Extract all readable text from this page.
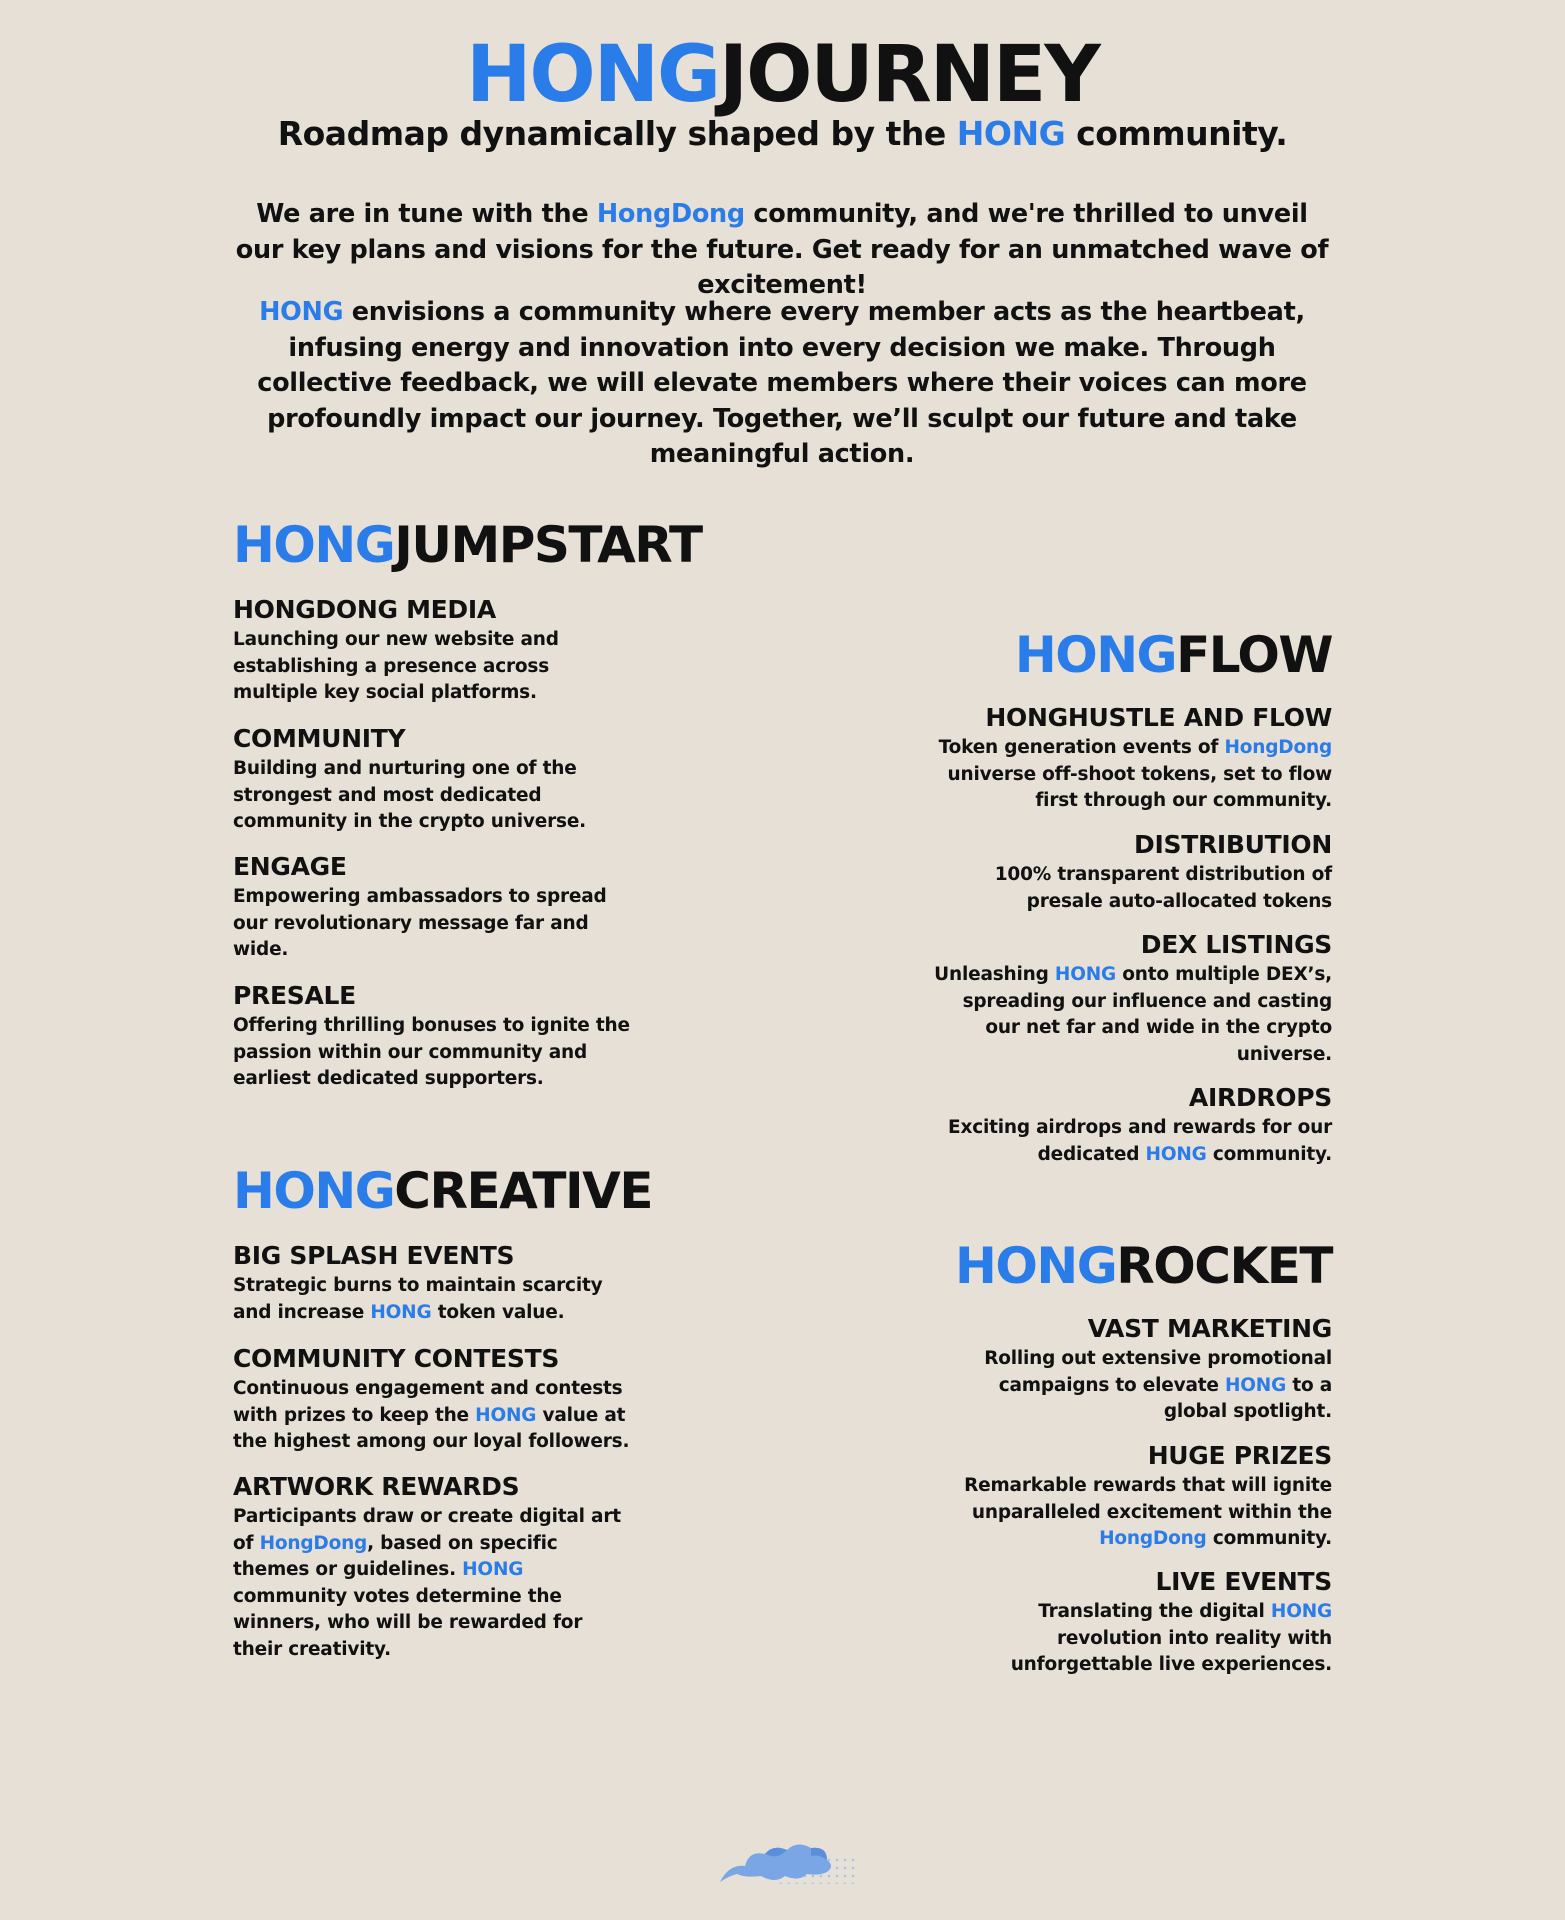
HONGJOURNEY
Roadmap dynamically shaped by the HONG community.

We are in tune with the HongDong community, and we're thrilled to unveil our key plans and visions for the future. Get ready for an unmatched wave of excitement!

HONG envisions a community where every member acts as the heartbeat, infusing energy and innovation into every decision we make. Through collective feedback, we will elevate members where their voices can more profoundly impact our journey. Together, we’ll sculpt our future and take meaningful action.

HONGJUMPSTART
HONGDONG MEDIA

Launching our new website and establishing a presence across multiple key social platforms.

COMMUNITY

Building and nurturing one of the strongest and most dedicated community in the crypto universe.

ENGAGE

Empowering ambassadors to spread our revolutionary message far and wide.

PRESALE

Offering thrilling bonuses to ignite the passion within our community and earliest dedicated supporters.

HONGCREATIVE
BIG SPLASH EVENTS

Strategic burns to maintain scarcity and increase HONG token value.

COMMUNITY CONTESTS

Continuous engagement and contests with prizes to keep the HONG value at the highest among our loyal followers.

ARTWORK REWARDS

Participants draw or create digital art of HongDong, based on specific themes or guidelines. HONG community votes determine the winners, who will be rewarded for their creativity.

HONGFLOW
HONGHUSTLE AND FLOW

Token generation events of HongDong universe off-shoot tokens, set to flow first through our community.

DISTRIBUTION

100% transparent distribution of presale auto-allocated tokens

DEX LISTINGS

Unleashing HONG onto multiple DEX’s, spreading our influence and casting our net far and wide in the crypto universe.

AIRDROPS

Exciting airdrops and rewards for our dedicated HONG community.

HONGROCKET
VAST MARKETING

Rolling out extensive promotional campaigns to elevate HONG to a global spotlight.

HUGE PRIZES

Remarkable rewards that will ignite unparalleled excitement within the HongDong community.

LIVE EVENTS

Translating the digital HONG revolution into reality with unforgettable live experiences.
